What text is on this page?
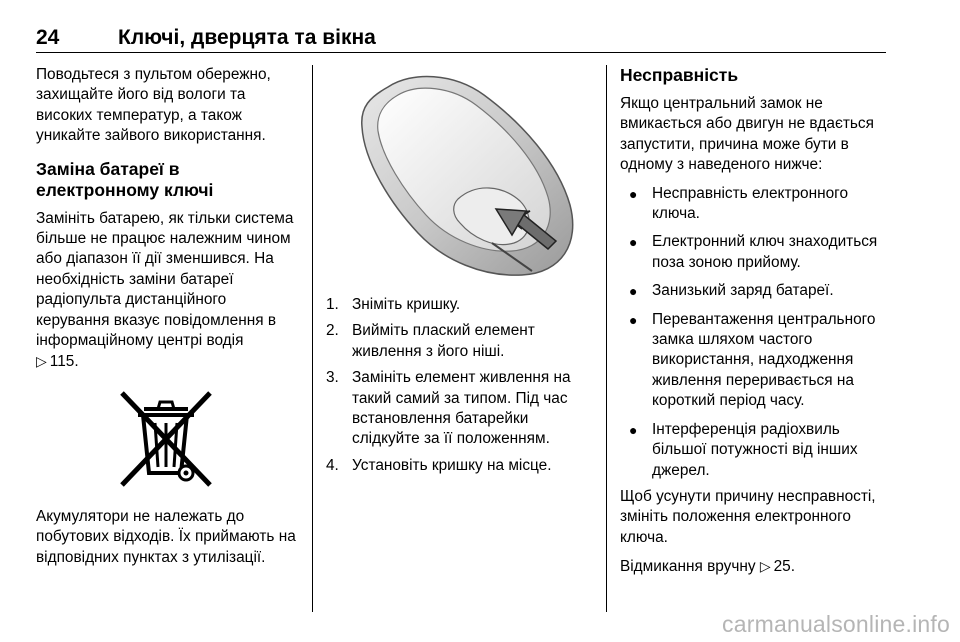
24	Ключі, дверцята та вікна

Поводьтеся з пультом обережно, захищайте його від вологи та високих температур, а також уникайте зайвого використання.

Заміна батареї в електронному ключі

Замініть батарею, як тільки система більше не працює належним чином або діапазон її дії зменшився. На необхідність заміни батареї радіопульта дистанційного керування вказує повідомлення в інформаційному центрі водія

▷ 115.

Акумулятори не належать до побутових відходів. Їх приймають на відповідних пунктах з утилізації.

1. Зніміть кришку.
2. Вийміть плаский елемент живлення з його ніші.
3. Замініть елемент живлення на такий самий за типом. Під час встановлення батарейки слідкуйте за її положенням.
4. Установіть кришку на місце.
Несправність

Якщо центральний замок не вмикається або двигун не вдається запустити, причина може бути в одному з наведеного нижче:

● Несправність електронного ключа.
● Електронний ключ знаходиться поза зоною прийому.
● Занизький заряд батареї.
● Перевантаження центрального замка шляхом частого використання, надходження живлення переривається на короткий період часу.
● Інтерференція радіохвиль більшої потужності від інших джерел.

Щоб усунути причину несправності, змініть положення електронного ключа.

Відмикання вручну ▷ 25.

carmanualsonline.info
